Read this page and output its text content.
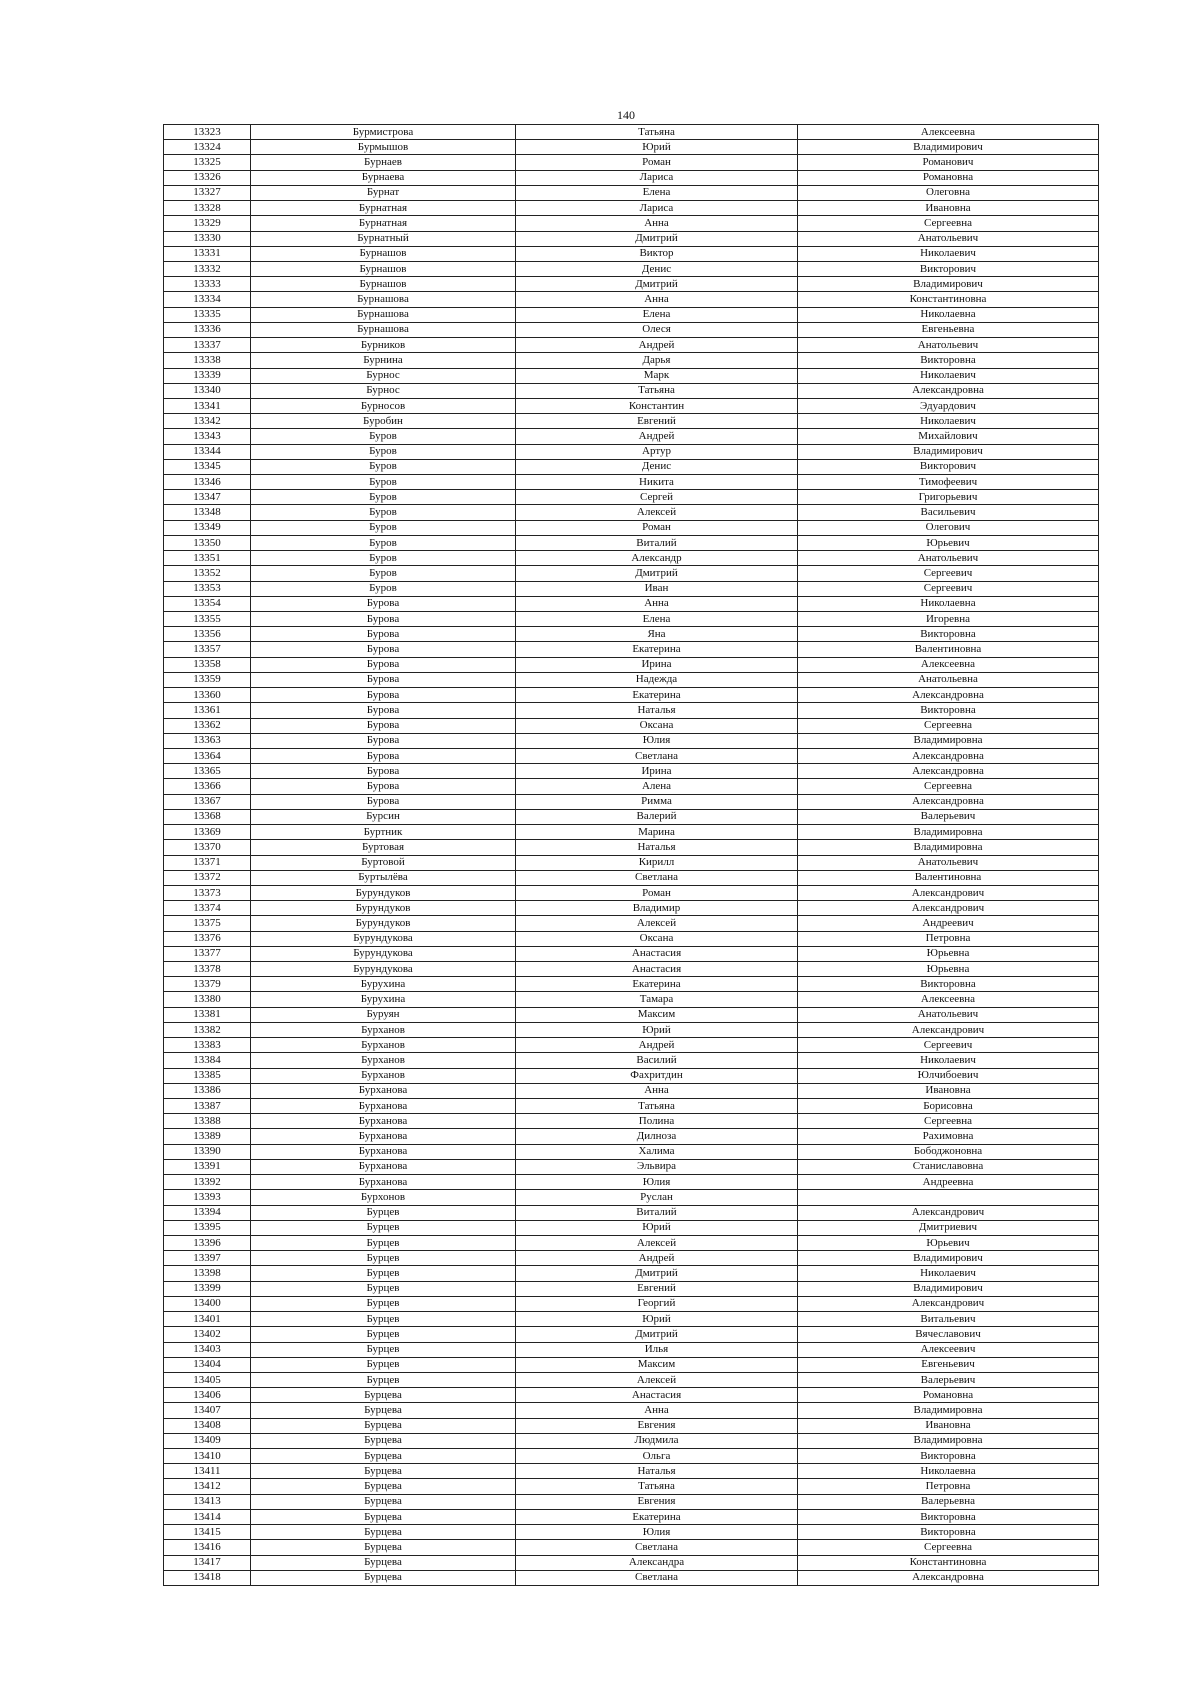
140
13323	Бурмистрова	Татьяна	Алексеевна
13324	Бурмышов	Юрий	Владимирович
13325	Бурнаев	Роман	Романович
13326	Бурнаева	Лариса	Романовна
13327	Бурнат	Елена	Олеговна
13328	Бурнатная	Лариса	Ивановна
13329	Бурнатная	Анна	Сергеевна
13330	Бурнатный	Дмитрий	Анатольевич
13331	Бурнашов	Виктор	Николаевич
13332	Бурнашов	Денис	Викторович
13333	Бурнашов	Дмитрий	Владимирович
13334	Бурнашова	Анна	Константиновна
13335	Бурнашова	Елена	Николаевна
13336	Бурнашова	Олеся	Евгеньевна
13337	Бурников	Андрей	Анатольевич
13338	Бурнина	Дарья	Викторовна
13339	Бурнос	Марк	Николаевич
13340	Бурнос	Татьяна	Александровна
13341	Бурносов	Константин	Эдуардович
13342	Буробин	Евгений	Николаевич
13343	Буров	Андрей	Михайлович
13344	Буров	Артур	Владимирович
13345	Буров	Денис	Викторович
13346	Буров	Никита	Тимофеевич
13347	Буров	Сергей	Григорьевич
13348	Буров	Алексей	Васильевич
13349	Буров	Роман	Олегович
13350	Буров	Виталий	Юрьевич
13351	Буров	Александр	Анатольевич
13352	Буров	Дмитрий	Сергеевич
13353	Буров	Иван	Сергеевич
13354	Бурова	Анна	Николаевна
13355	Бурова	Елена	Игоревна
13356	Бурова	Яна	Викторовна
13357	Бурова	Екатерина	Валентиновна
13358	Бурова	Ирина	Алексеевна
13359	Бурова	Надежда	Анатольевна
13360	Бурова	Екатерина	Александровна
13361	Бурова	Наталья	Викторовна
13362	Бурова	Оксана	Сергеевна
13363	Бурова	Юлия	Владимировна
13364	Бурова	Светлана	Александровна
13365	Бурова	Ирина	Александровна
13366	Бурова	Алена	Сергеевна
13367	Бурова	Римма	Александровна
13368	Бурсин	Валерий	Валерьевич
13369	Буртник	Марина	Владимировна
13370	Буртовая	Наталья	Владимировна
13371	Буртовой	Кирилл	Анатольевич
13372	Буртылёва	Светлана	Валентиновна
13373	Бурундуков	Роман	Александрович
13374	Бурундуков	Владимир	Александрович
13375	Бурундуков	Алексей	Андреевич
13376	Бурундукова	Оксана	Петровна
13377	Бурундукова	Анастасия	Юрьевна
13378	Бурундукова	Анастасия	Юрьевна
13379	Бурухина	Екатерина	Викторовна
13380	Бурухина	Тамара	Алексеевна
13381	Буруян	Максим	Анатольевич
13382	Бурханов	Юрий	Александрович
13383	Бурханов	Андрей	Сергеевич
13384	Бурханов	Василий	Николаевич
13385	Бурханов	Фахритдин	Юлчибоевич
13386	Бурханова	Анна	Ивановна
13387	Бурханова	Татьяна	Борисовна
13388	Бурханова	Полина	Сергеевна
13389	Бурханова	Дилноза	Рахимовна
13390	Бурханова	Халима	Бободжоновна
13391	Бурханова	Эльвира	Станиславовна
13392	Бурханова	Юлия	Андреевна
13393	Бурхонов	Руслан	
13394	Бурцев	Виталий	Александрович
13395	Бурцев	Юрий	Дмитриевич
13396	Бурцев	Алексей	Юрьевич
13397	Бурцев	Андрей	Владимирович
13398	Бурцев	Дмитрий	Николаевич
13399	Бурцев	Евгений	Владимирович
13400	Бурцев	Георгий	Александрович
13401	Бурцев	Юрий	Витальевич
13402	Бурцев	Дмитрий	Вячеславович
13403	Бурцев	Илья	Алексеевич
13404	Бурцев	Максим	Евгеньевич
13405	Бурцев	Алексей	Валерьевич
13406	Бурцева	Анастасия	Романовна
13407	Бурцева	Анна	Владимировна
13408	Бурцева	Евгения	Ивановна
13409	Бурцева	Людмила	Владимировна
13410	Бурцева	Ольга	Викторовна
13411	Бурцева	Наталья	Николаевна
13412	Бурцева	Татьяна	Петровна
13413	Бурцева	Евгения	Валерьевна
13414	Бурцева	Екатерина	Викторовна
13415	Бурцева	Юлия	Викторовна
13416	Бурцева	Светлана	Сергеевна
13417	Бурцева	Александра	Константиновна
13418	Бурцева	Светлана	Александровна
